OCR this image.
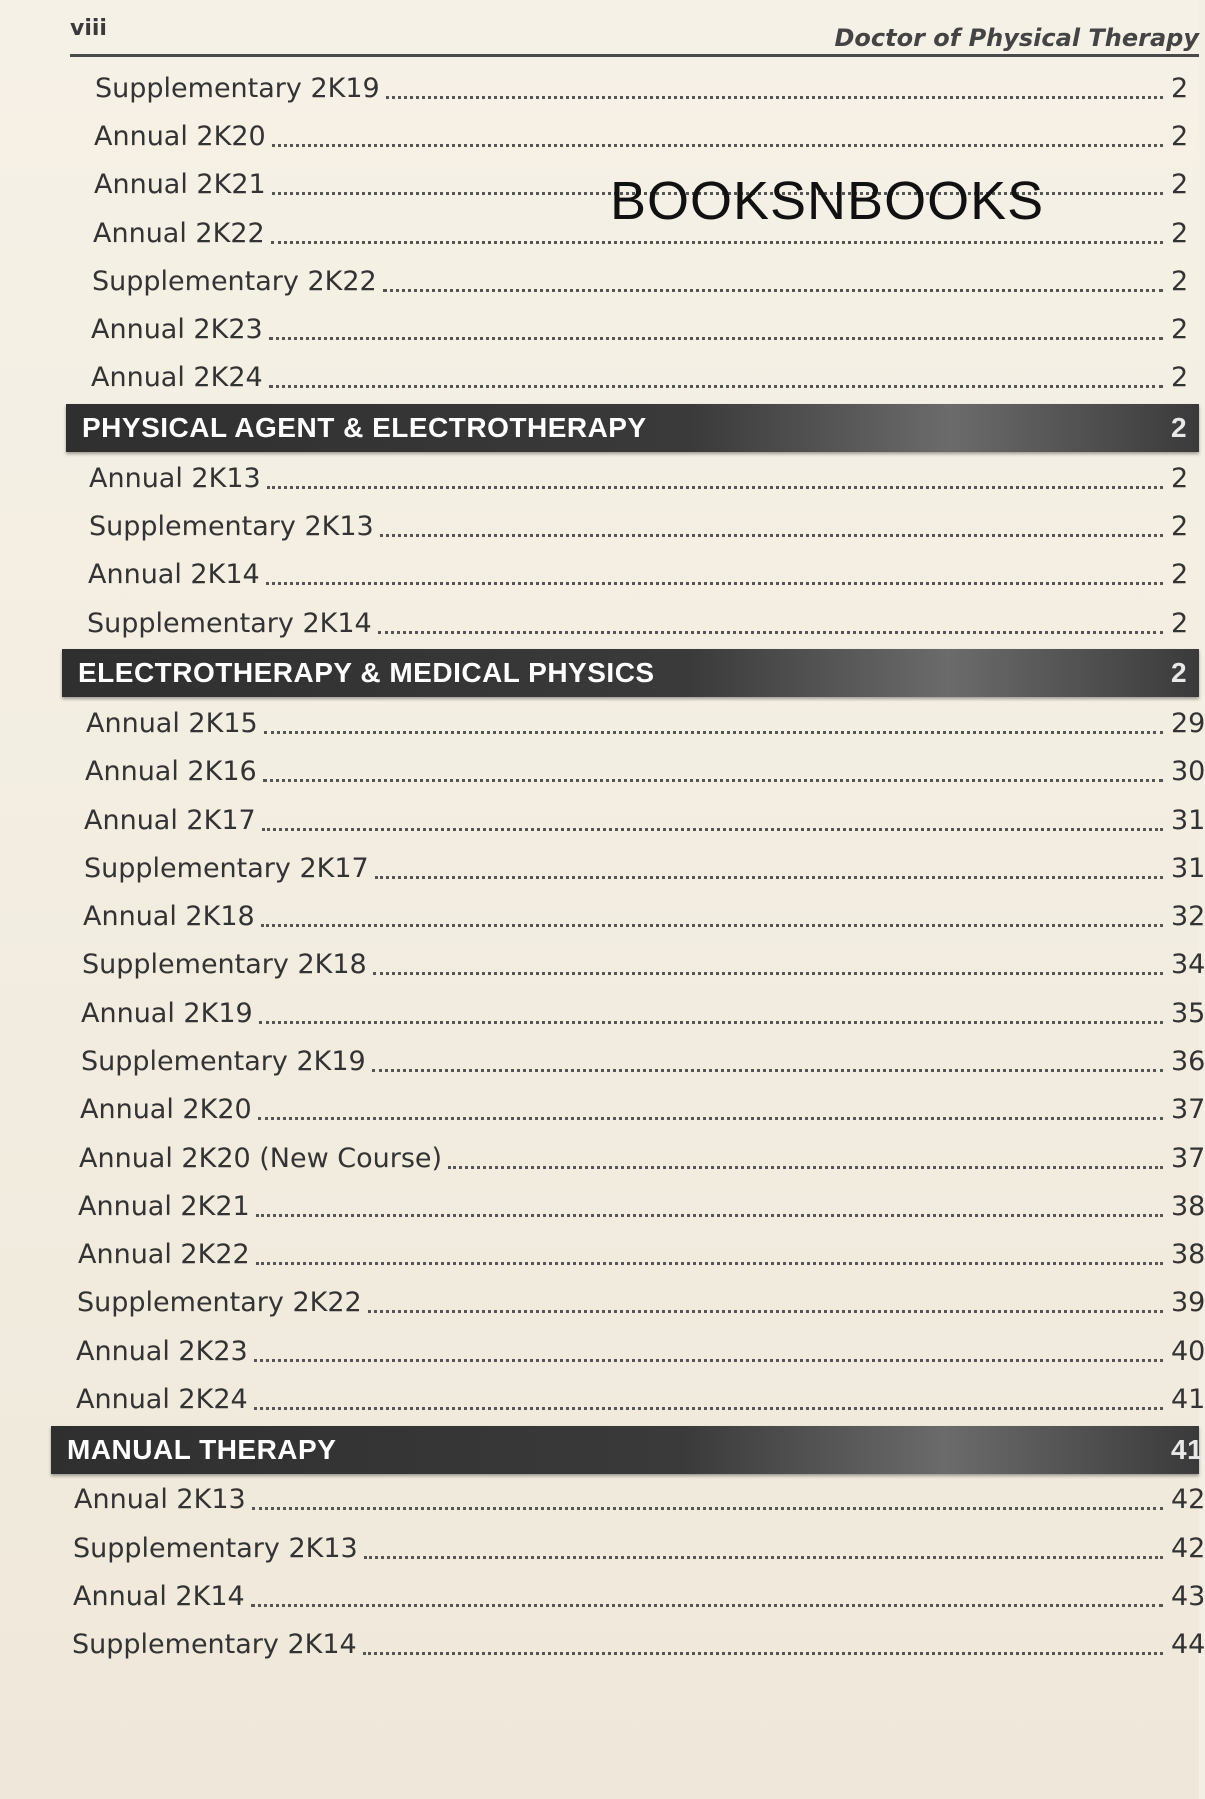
viii	Doctor of Physical Therapy
Supplementary 2K19	2
Annual 2K20	2
Annual 2K21	2
Annual 2K22	2
Supplementary 2K22	2
Annual 2K23	2
Annual 2K24	2
PHYSICAL AGENT & ELECTROTHERAPY	2
Annual 2K13	2
Supplementary 2K13	2
Annual 2K14	2
Supplementary 2K14	2
ELECTROTHERAPY & MEDICAL PHYSICS	2
Annual 2K15	29
Annual 2K16	30
Annual 2K17	31
Supplementary 2K17	31
Annual 2K18	32
Supplementary 2K18	34
Annual 2K19	35
Supplementary 2K19	36
Annual 2K20	37
Annual 2K20 (New Course)	37
Annual 2K21	38
Annual 2K22	38
Supplementary 2K22	39
Annual 2K23	40
Annual 2K24	41
MANUAL THERAPY	41
Annual 2K13	42
Supplementary 2K13	42
Annual 2K14	43
Supplementary 2K14	44
BOOKSNBOOKS
